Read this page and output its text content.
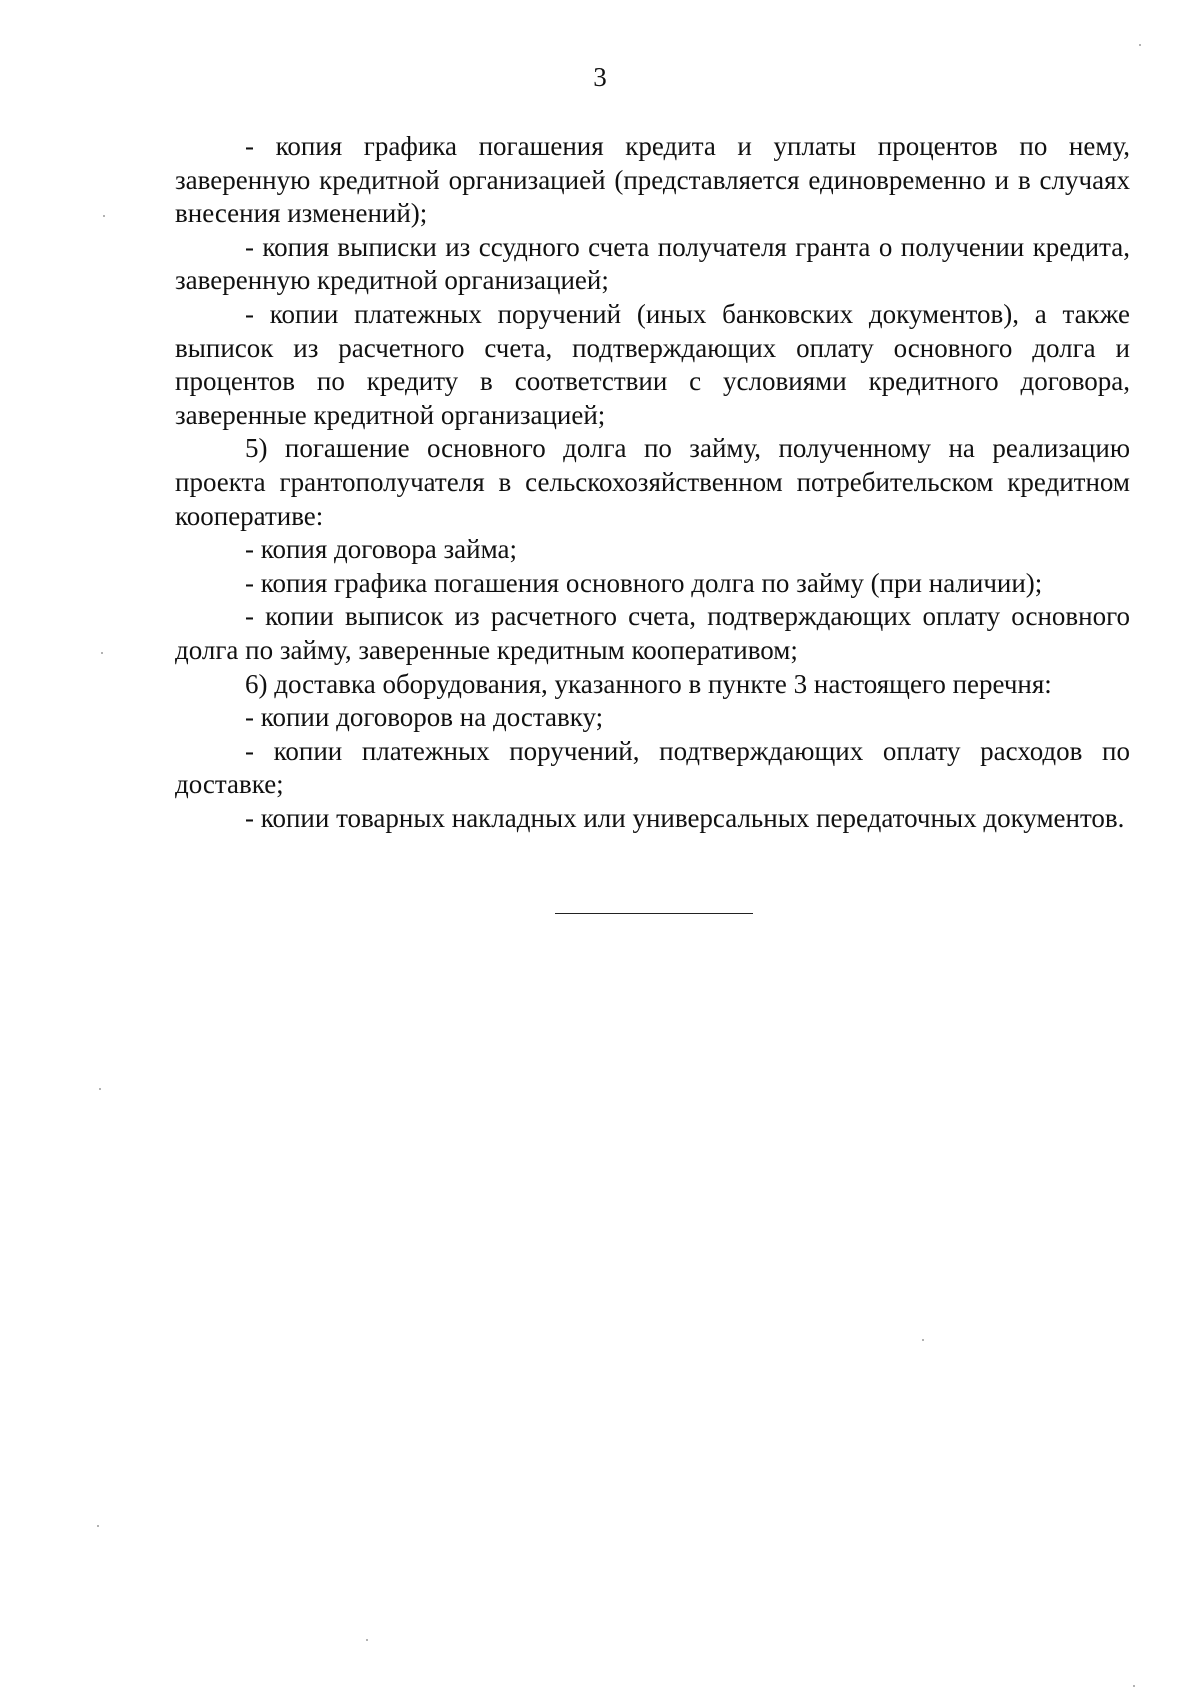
3

- копия графика погашения кредита и уплаты процентов по нему, заверенную кредитной организацией (представляется единовременно и в случаях внесения изменений);

- копия выписки из ссудного счета получателя гранта о получении кредита, заверенную кредитной организацией;

- копии платежных поручений (иных банковских документов), а также выписок из расчетного счета, подтверждающих оплату основного долга и процентов по кредиту в соответствии с условиями кредитного договора, заверенные кредитной организацией;

5) погашение основного долга по займу, полученному на реализацию проекта грантополучателя в сельскохозяйственном потребительском кредитном кооперативе:

- копия договора займа;

- копия графика погашения основного долга по займу (при наличии);

- копии выписок из расчетного счета, подтверждающих оплату основного долга по займу, заверенные кредитным кооперативом;

6) доставка оборудования, указанного в пункте 3 настоящего перечня:

- копии договоров на доставку;

- копии платежных поручений, подтверждающих оплату расходов по доставке;

- копии товарных накладных или универсальных передаточных документов.
